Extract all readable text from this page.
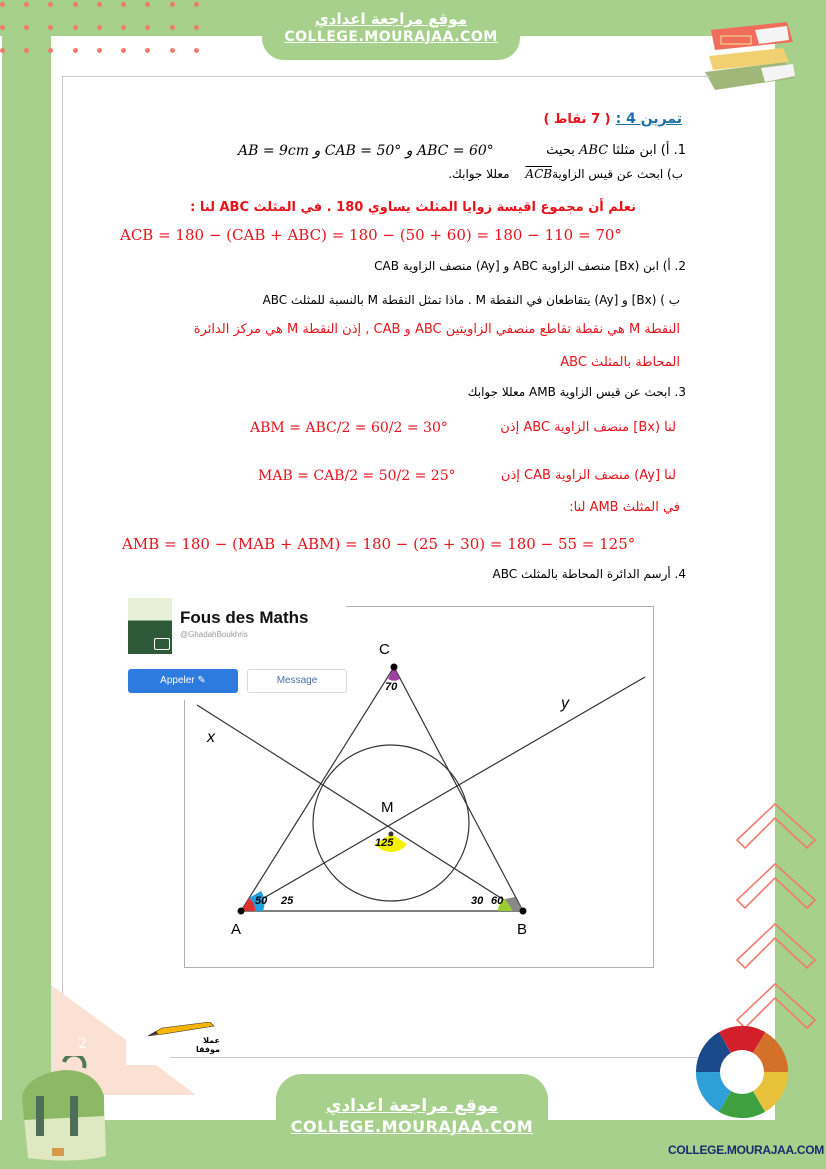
موقع مراجعة اعدادي
COLLEGE.MOURAJAA.COM
تمرين 4 : ( 7 نقاط )
1. أ) ابن مثلثا ABC بحيث
AB = 9cm و CAB = 50° و ABC = 60°
ب) ابحث عن قيس $الزاوية\overline{ACB}$ معللا جوابك.
نعلم أن مجموع اقيسة زوايا المثلث يساوي 180 . في المثلث ABC لنا :
ACB = 180 − (CAB + ABC) = 180 − (50 + 60) = 180 − 110 = 70°
2. أ) ابن (Bx] منصف الزاوية ABC و [Ay) منصف الزاوية CAB
ب ) (Bx] و [Ay) يتقاطعان في النقطة M . ماذا تمثل النقطة M بالنسبة للمثلث ABC
النقطة M هي نقطة تقاطع منصفي الزاويتين ABC و CAB , إذن النقطة M هي مركز الدائرة
المحاطة بالمثلث ABC
3. ابحث عن قيس الزاوية AMB معللا جوابك
لنا (Bx] منصف الزاوية ABC إذن
ABM = ABC/2 = 60/2 = 30°
لنا [Ay) منصف الزاوية CAB إذن
MAB = CAB/2 = 50/2 = 25°
في المثلث AMB لنا:
AMB = 180 − (MAB + ABM) = 180 − (25 + 30) = 180 − 55 = 125°
4. أرسم الدائرة المحاطة بالمثلث ABC
C
M
A	B
x
y
70
125
50 25	30 60
Fous des Maths
@GhadahBoukhris
Appeler ✎	Message
2	عملا موفقا
موقع مراجعة اعدادي
COLLEGE.MOURAJAA.COM
COLLEGE.MOURAJAA.COM
